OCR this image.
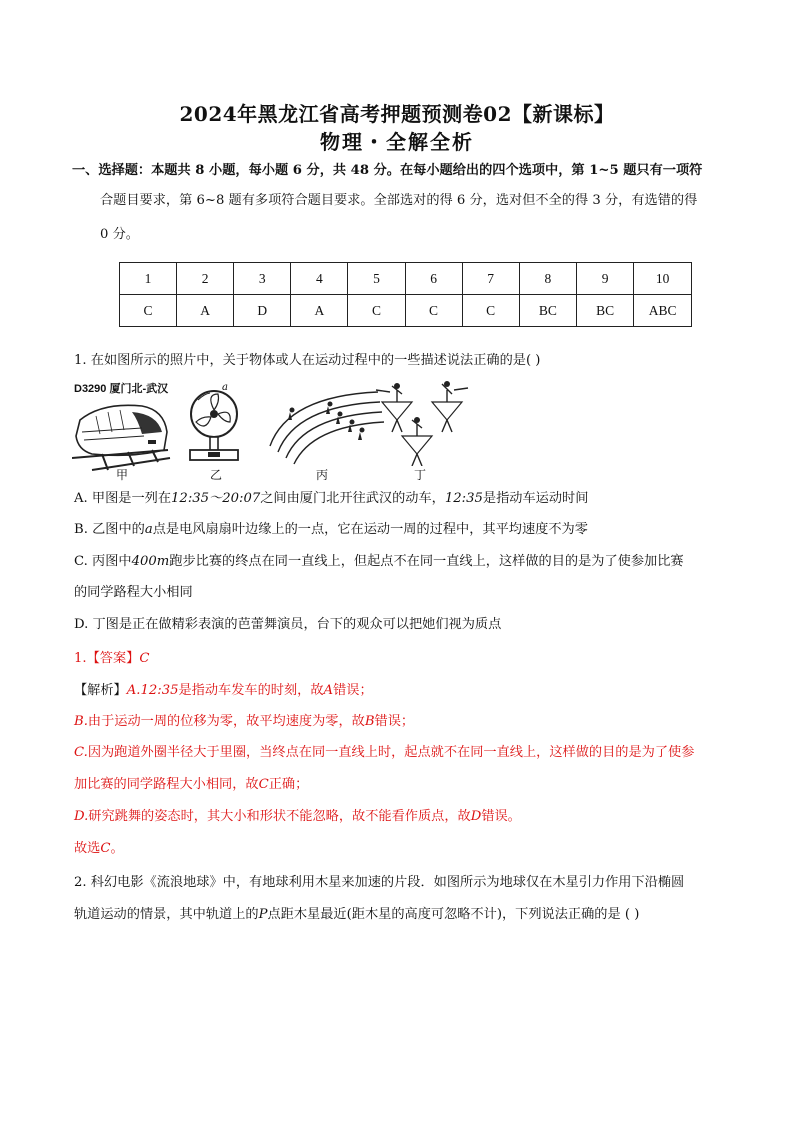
2024年黑龙江省高考押题预测卷02【新课标】
物理・全解全析
一、选择题：本题共 8 小题，每小题 6 分，共 48 分。在每小题给出的四个选项中，第 1~5 题只有一项符
合题目要求，第 6~8 题有多项符合题目要求。全部选对的得 6 分，选对但不全的得 3 分，有选错的得
0 分。
1	2	3	4	5	6	7	8	9	10
C	A	D	A	C	C	C	BC	BC	ABC
1. 在如图所示的照片中，关于物体或人在运动过程中的一些描述说法正确的是( )
D3290 厦门北-武汉	a
甲	乙	丙	丁
A. 甲图是一列在12:35～20:07之间由厦门北开往武汉的动车，12:35是指动车运动时间
B. 乙图中的a点是电风扇扇叶边缘上的一点，它在运动一周的过程中，其平均速度不为零
C. 丙图中400m跑步比赛的终点在同一直线上，但起点不在同一直线上，这样做的目的是为了使参加比赛
的同学路程大小相同
D. 丁图是正在做精彩表演的芭蕾舞演员，台下的观众可以把她们视为质点
1.【答案】C
【解析】A.12:35是指动车发车的时刻，故A错误；
B.由于运动一周的位移为零，故平均速度为零，故B错误；
C.因为跑道外圈半径大于里圈，当终点在同一直线上时，起点就不在同一直线上，这样做的目的是为了使参
加比赛的同学路程大小相同，故C正确；
D.研究跳舞的姿态时，其大小和形状不能忽略，故不能看作质点，故D错误。
故选C。
2. 科幻电影《流浪地球》中，有地球利用木星来加速的片段．如图所示为地球仅在木星引力作用下沿椭圆
轨道运动的情景，其中轨道上的P点距木星最近(距木星的高度可忽略不计)，下列说法正确的是 ( )
